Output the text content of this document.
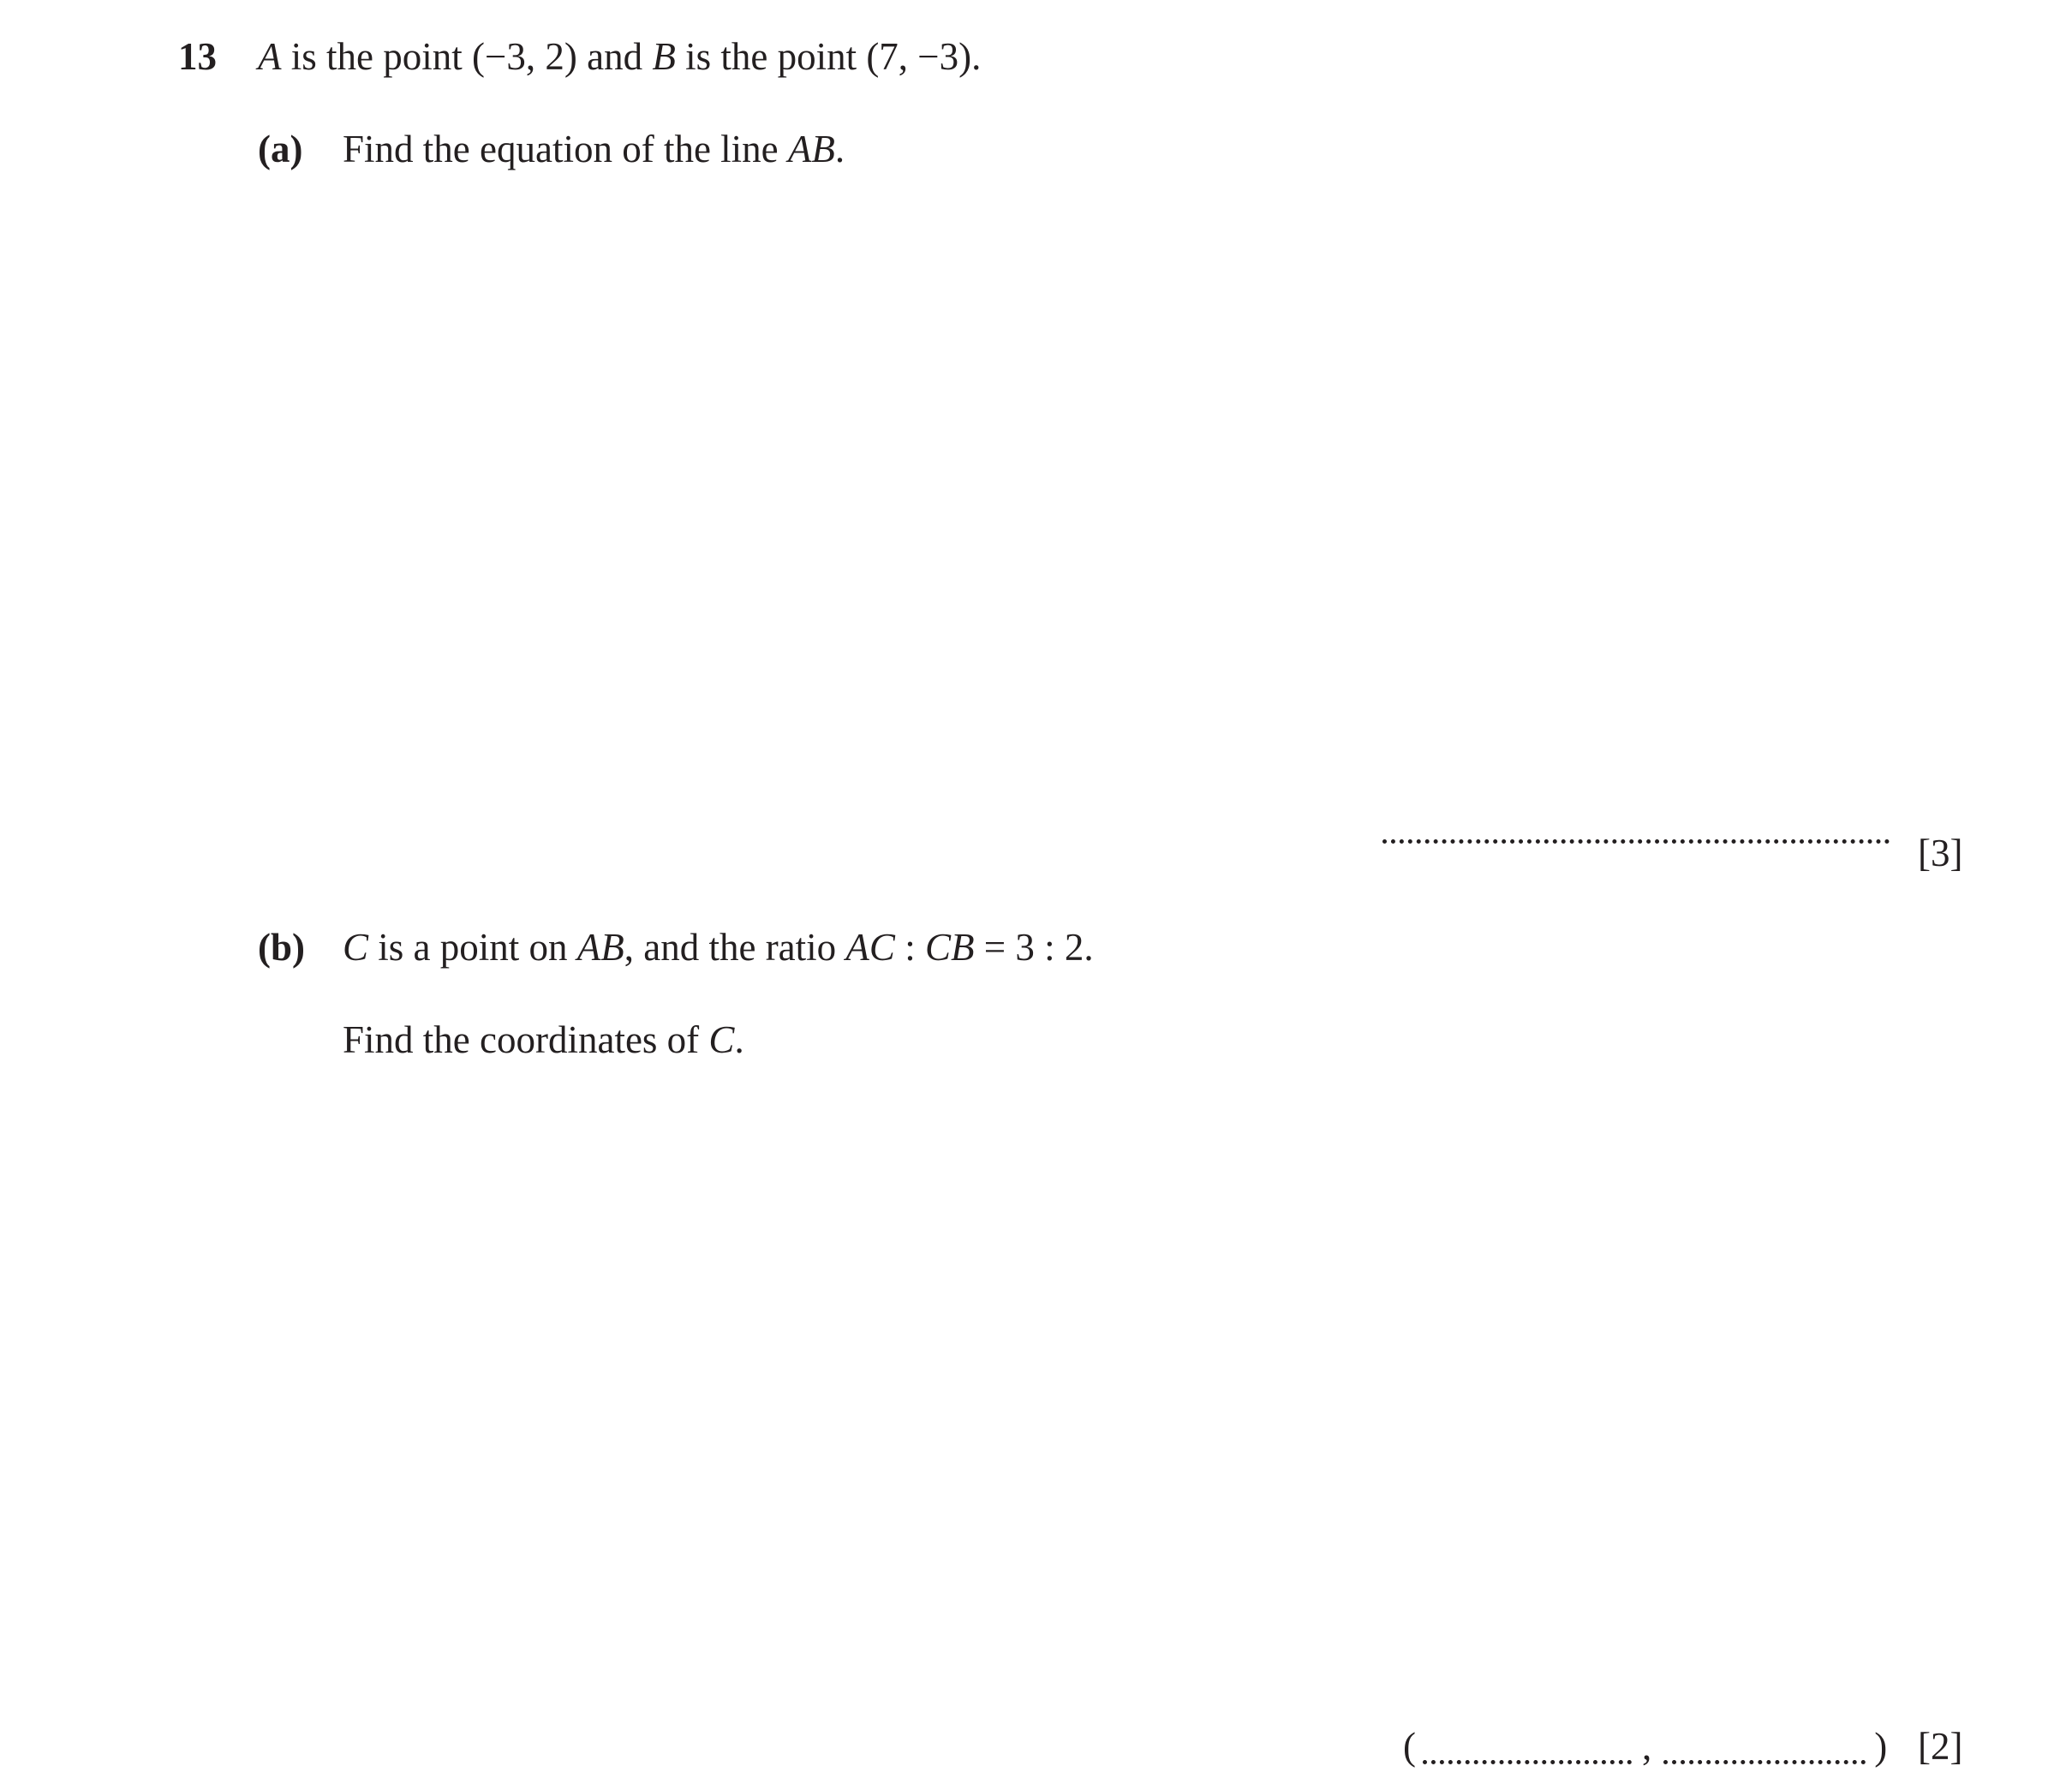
13 A is the point (−3, 2) and B is the point (7, −3).
(a) Find the equation of the line AB.
[3]
(b) C is a point on AB, and the ratio AC : CB = 3 : 2.
Find the coordinates of C.
(	,	) [2]
